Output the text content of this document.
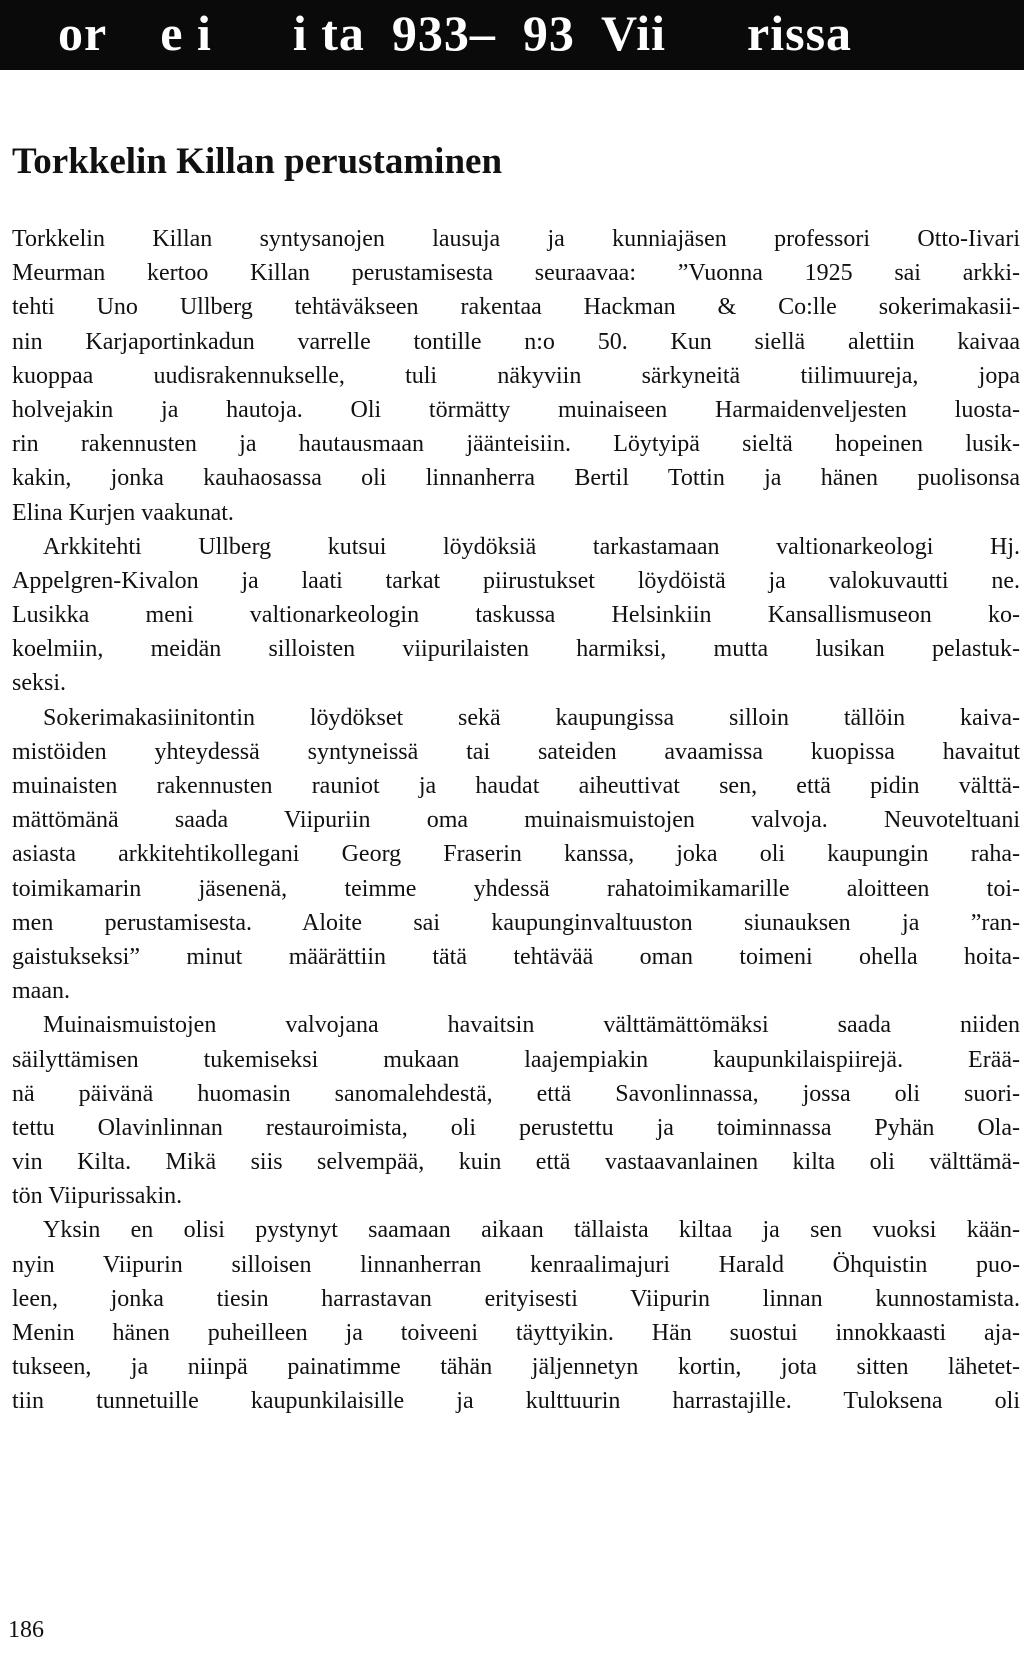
or    e i      i ta  933–  93  Vii      rissa
Torkkelin Killan perustaminen
Torkkelin Killan syntysanojen lausuja ja kunniajäsen professori Otto-Iivari
Meurman kertoo Killan perustamisesta seuraavaa: ”Vuonna 1925 sai arkki-
tehti Uno Ullberg tehtäväkseen rakentaa Hackman & Co:lle sokerimakasii-
nin Karjaportinkadun varrelle tontille n:o 50. Kun siellä alettiin kaivaa
kuoppaa uudisrakennukselle, tuli näkyviin särkyneitä tiilimuureja, jopa
holvejakin ja hautoja. Oli törmätty muinaiseen Harmaidenveljesten luosta-
rin rakennusten ja hautausmaan jäänteisiin. Löytyipä sieltä hopeinen lusik-
kakin, jonka kauhaosassa oli linnanherra Bertil Tottin ja hänen puolisonsa
Elina Kurjen vaakunat.
Arkkitehti Ullberg kutsui löydöksiä tarkastamaan valtionarkeologi Hj.
Appelgren-Kivalon ja laati tarkat piirustukset löydöistä ja valokuvautti ne.
Lusikka meni valtionarkeologin taskussa Helsinkiin Kansallismuseon ko-
koelmiin, meidän silloisten viipurilaisten harmiksi, mutta lusikan pelastuk-
seksi.
Sokerimakasiinitontin löydökset sekä kaupungissa silloin tällöin kaiva-
mistöiden yhteydessä syntyneissä tai sateiden avaamissa kuopissa havaitut
muinaisten rakennusten rauniot ja haudat aiheuttivat sen, että pidin välttä-
mättömänä saada Viipuriin oma muinaismuistojen valvoja. Neuvoteltuani
asiasta arkkitehtikollegani Georg Fraserin kanssa, joka oli kaupungin raha-
toimikamarin jäsenenä, teimme yhdessä rahatoimikamarille aloitteen toi-
men perustamisesta. Aloite sai kaupunginvaltuuston siunauksen ja ”ran-
gaistukseksi” minut määrättiin tätä tehtävää oman toimeni ohella hoita-
maan.
Muinaismuistojen valvojana havaitsin välttämättömäksi saada niiden
säilyttämisen tukemiseksi mukaan laajempiakin kaupunkilaispiirejä. Erää-
nä päivänä huomasin sanomalehdestä, että Savonlinnassa, jossa oli suori-
tettu Olavinlinnan restauroimista, oli perustettu ja toiminnassa Pyhän Ola-
vin Kilta. Mikä siis selvempää, kuin että vastaavanlainen kilta oli välttämä-
tön Viipurissakin.
Yksin en olisi pystynyt saamaan aikaan tällaista kiltaa ja sen vuoksi kään-
nyin Viipurin silloisen linnanherran kenraalimajuri Harald Öhquistin puo-
leen, jonka tiesin harrastavan erityisesti Viipurin linnan kunnostamista.
Menin hänen puheilleen ja toiveeni täyttyikin. Hän suostui innokkaasti aja-
tukseen, ja niinpä painatimme tähän jäljennetyn kortin, jota sitten lähetet-
tiin tunnetuille kaupunkilaisille ja kulttuurin harrastajille. Tuloksena oli
186
